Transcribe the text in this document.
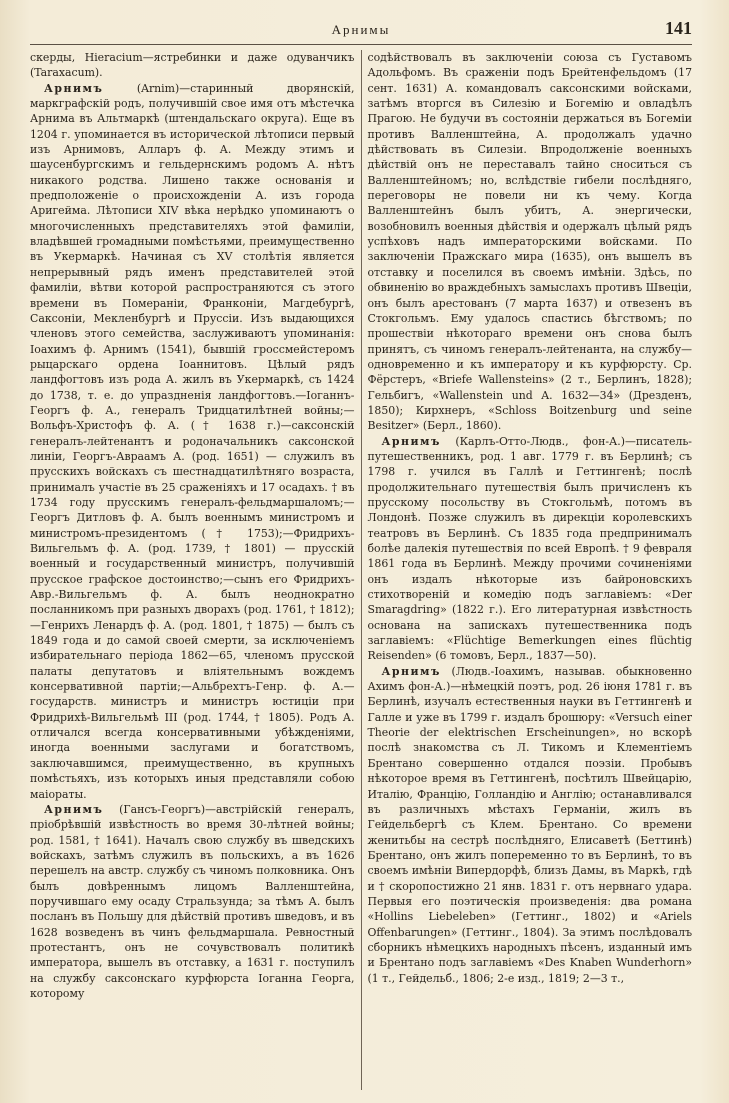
Арнимы	141

скерды, Hieracium—ястребинки и даже одуванчикъ (Taraxacum).

Арнимъ (Arnim)—старинный дворянскій, маркграфскій родъ, получившій свое имя отъ мѣстечка Арнима въ Альтмаркѣ (штендальскаго округа). Еще въ 1204 г. упоминается въ исторической лѣтописи первый изъ Арнимовъ, Алларъ ф. А. Между этимъ и шаусенбургскимъ и гельдернскимъ родомъ А. нѣтъ никакого родства. Лишено также основанія и предположеніе о происхожденіи А. изъ города Аригейма. Лѣтописи XIV вѣка нерѣдко упоминаютъ о многочисленныхъ представителяхъ этой фамиліи, владѣвшей громадными помѣстьями, преимущественно въ Укермаркѣ. Начиная съ XV столѣтія является непрерывный рядъ именъ представителей этой фамиліи, вѣтви которой распространяются съ этого времени въ Помераніи, Франконіи, Магдебургѣ, Саксоніи, Мекленбургѣ и Пруссіи. Изъ выдающихся членовъ этого семейства, заслуживаютъ упоминанія: Іоахимъ ф. Арнимъ (1541), бывшій гроссмейстеромъ рыцарскаго ордена Іоаннитовъ. Цѣлый рядъ ландфогтовъ изъ рода А. жилъ въ Укермаркѣ, съ 1424 до 1738, т. е. до упраздненія ландфогтовъ.—Іоганнъ-Георгъ ф. А., генералъ Тридцатилѣтней войны;—Вольфъ-Христофъ ф. А. († 1638 г.)—саксонскій генералъ-лейтенантъ и родоначальникъ саксонской линіи, Георгъ-Авраамъ А. (род. 1651) — служилъ въ прусскихъ войскахъ съ шестнадцатилѣтняго возраста, принималъ участіе въ 25 сраженіяхъ и 17 осадахъ. † въ 1734 году прусскимъ генералъ-фельдмаршаломъ;—Георгъ Дитловъ ф. А. былъ военнымъ министромъ и министромъ-президентомъ († 1753);—Фридрихъ-Вильгельмъ ф. А. (род. 1739, † 1801) — прусскій военный и государственный министръ, получившій прусское графское достоинство;—сынъ его Фридрихъ-Авр.-Вильгельмъ ф. А. былъ неоднократно посланникомъ при разныхъ дворахъ (род. 1761, † 1812);—Генрихъ Ленардъ ф. А. (род. 1801, † 1875) — былъ съ 1849 года и до самой своей смерти, за исключеніемъ избирательнаго періода 1862—65, членомъ прусской палаты депутатовъ и вліятельнымъ вождемъ консервативной партіи;—Альбрехтъ-Генр. ф. А.—государств. министръ и министръ юстиціи при Фридрихѣ-Вильгельмѣ III (род. 1744, † 1805). Родъ А. отличался всегда консервативными убѣжденіями, иногда военными заслугами и богатствомъ, заключавшимся, преимущественно, въ крупныхъ помѣстьяхъ, изъ которыхъ иныя представляли собою маіораты.

Арнимъ (Гансъ-Георгъ)—австрійскій генералъ, пріобрѣвшій извѣстность во время 30-лѣтней войны; род. 1581, † 1641). Началъ свою службу въ шведскихъ войскахъ, затѣмъ служилъ въ польскихъ, а въ 1626 перешелъ на австр. службу съ чиномъ полковника. Онъ былъ довѣреннымъ лицомъ Валленштейна, поручившаго ему осаду Стральзунда; за тѣмъ А. былъ посланъ въ Польшу для дѣйствій противъ шведовъ, и въ 1628 возведенъ въ чинъ фельдмаршала. Ревностный протестантъ, онъ не сочувствовалъ политикѣ императора, вышелъ въ отставку, а 1631 г. поступилъ на службу саксонскаго курфюрста Іоганна Георга, которому

содѣйствовалъ въ заключеніи союза съ Густавомъ Адольфомъ. Въ сраженіи подъ Брейтенфельдомъ (17 сент. 1631) А. командовалъ саксонскими войсками, затѣмъ вторгся въ Силезію и Богемію и овладѣлъ Прагою. Не будучи въ состояніи держаться въ Богеміи противъ Валленштейна, А. продолжалъ удачно дѣйствовать въ Силезіи. Впродолженіе военныхъ дѣйствій онъ не переставалъ тайно сноситься съ Валленштейномъ; но, вслѣдствіе гибели послѣдняго, переговоры не повели ни къ чему. Когда Валленштейнъ былъ убитъ, А. энергически, возобновилъ военныя дѣйствія и одержалъ цѣлый рядъ успѣховъ надъ императорскими войсками. По заключеніи Пражскаго мира (1635), онъ вышелъ въ отставку и поселился въ своемъ имѣніи. Здѣсь, по обвиненію во враждебныхъ замыслахъ противъ Швеціи, онъ былъ арестованъ (7 марта 1637) и отвезенъ въ Стокгольмъ. Ему удалось спастись бѣгствомъ; по прошествіи нѣкотораго времени онъ снова былъ принятъ, съ чиномъ генералъ-лейтенанта, на службу—одновременно и къ императору и къ курфюрсту. Ср. Фёрстеръ, «Briefe Wallensteins» (2 т., Берлинъ, 1828); Гельбигъ, «Wallenstein und A. 1632—34» (Дрезденъ, 1850); Кирхнеръ, «Schloss Boitzenburg und seine Besitzer» (Берл., 1860).

Арнимъ (Карлъ-Отто-Людв., фон-А.)—писатель-путешественникъ, род. 1 авг. 1779 г. въ Берлинѣ; съ 1798 г. учился въ Галлѣ и Геттингенѣ; послѣ продолжительнаго путешествія былъ причисленъ къ прусскому посольству въ Стокгольмѣ, потомъ въ Лондонѣ. Позже служилъ въ дирекціи королевскихъ театровъ въ Берлинѣ. Съ 1835 года предпринималъ болѣе далекія путешествія по всей Европѣ. † 9 февраля 1861 года въ Берлинѣ. Между прочими сочиненіями онъ издалъ нѣкоторые изъ байроновскихъ стихотвореній и комедію подъ заглавіемъ: «Der Smaragdring» (1822 г.). Его литературная извѣстность основана на запискахъ путешественника подъ заглавіемъ: «Flüchtige Bemerkungen eines flüchtig Reisenden» (6 томовъ, Берл., 1837—50).

Арнимъ (Людв.-Іоахимъ, называв. обыкновенно Ахимъ фон-А.)—нѣмецкій поэтъ, род. 26 іюня 1781 г. въ Берлинѣ, изучалъ естественныя науки въ Геттингенѣ и Галле и уже въ 1799 г. издалъ брошюру: «Versuch einer Theorie der elektrischen Erscheinungen», но вскорѣ послѣ знакомства съ Л. Тикомъ и Клементіемъ Брентано совершенно отдался поэзіи. Пробывъ нѣкоторое время въ Геттингенѣ, посѣтилъ Швейцарію, Италію, Францію, Голландію и Англію; останавливался въ различныхъ мѣстахъ Германіи, жилъ въ Гейдельбергѣ съ Клем. Брентано. Со времени женитьбы на сестрѣ послѣдняго, Елисаветѣ (Беттинѣ) Брентано, онъ жилъ попеременно то въ Берлинѣ, то въ своемъ имѣніи Випердорфѣ, близъ Дамы, въ Маркѣ, гдѣ и † скоропостижно 21 янв. 1831 г. отъ нервнаго удара. Первыя его поэтическія произведенія: два романа «Hollins Liebeleben» (Геттинг., 1802) и «Ariels Offenbarungen» (Геттинг., 1804). За этимъ послѣдовалъ сборникъ нѣмецкихъ народныхъ пѣсенъ, изданный имъ и Брентано подъ заглавіемъ «Des Knaben Wunderhorn» (1 т., Гейдельб., 1806; 2-е изд., 1819; 2—3 т.,
